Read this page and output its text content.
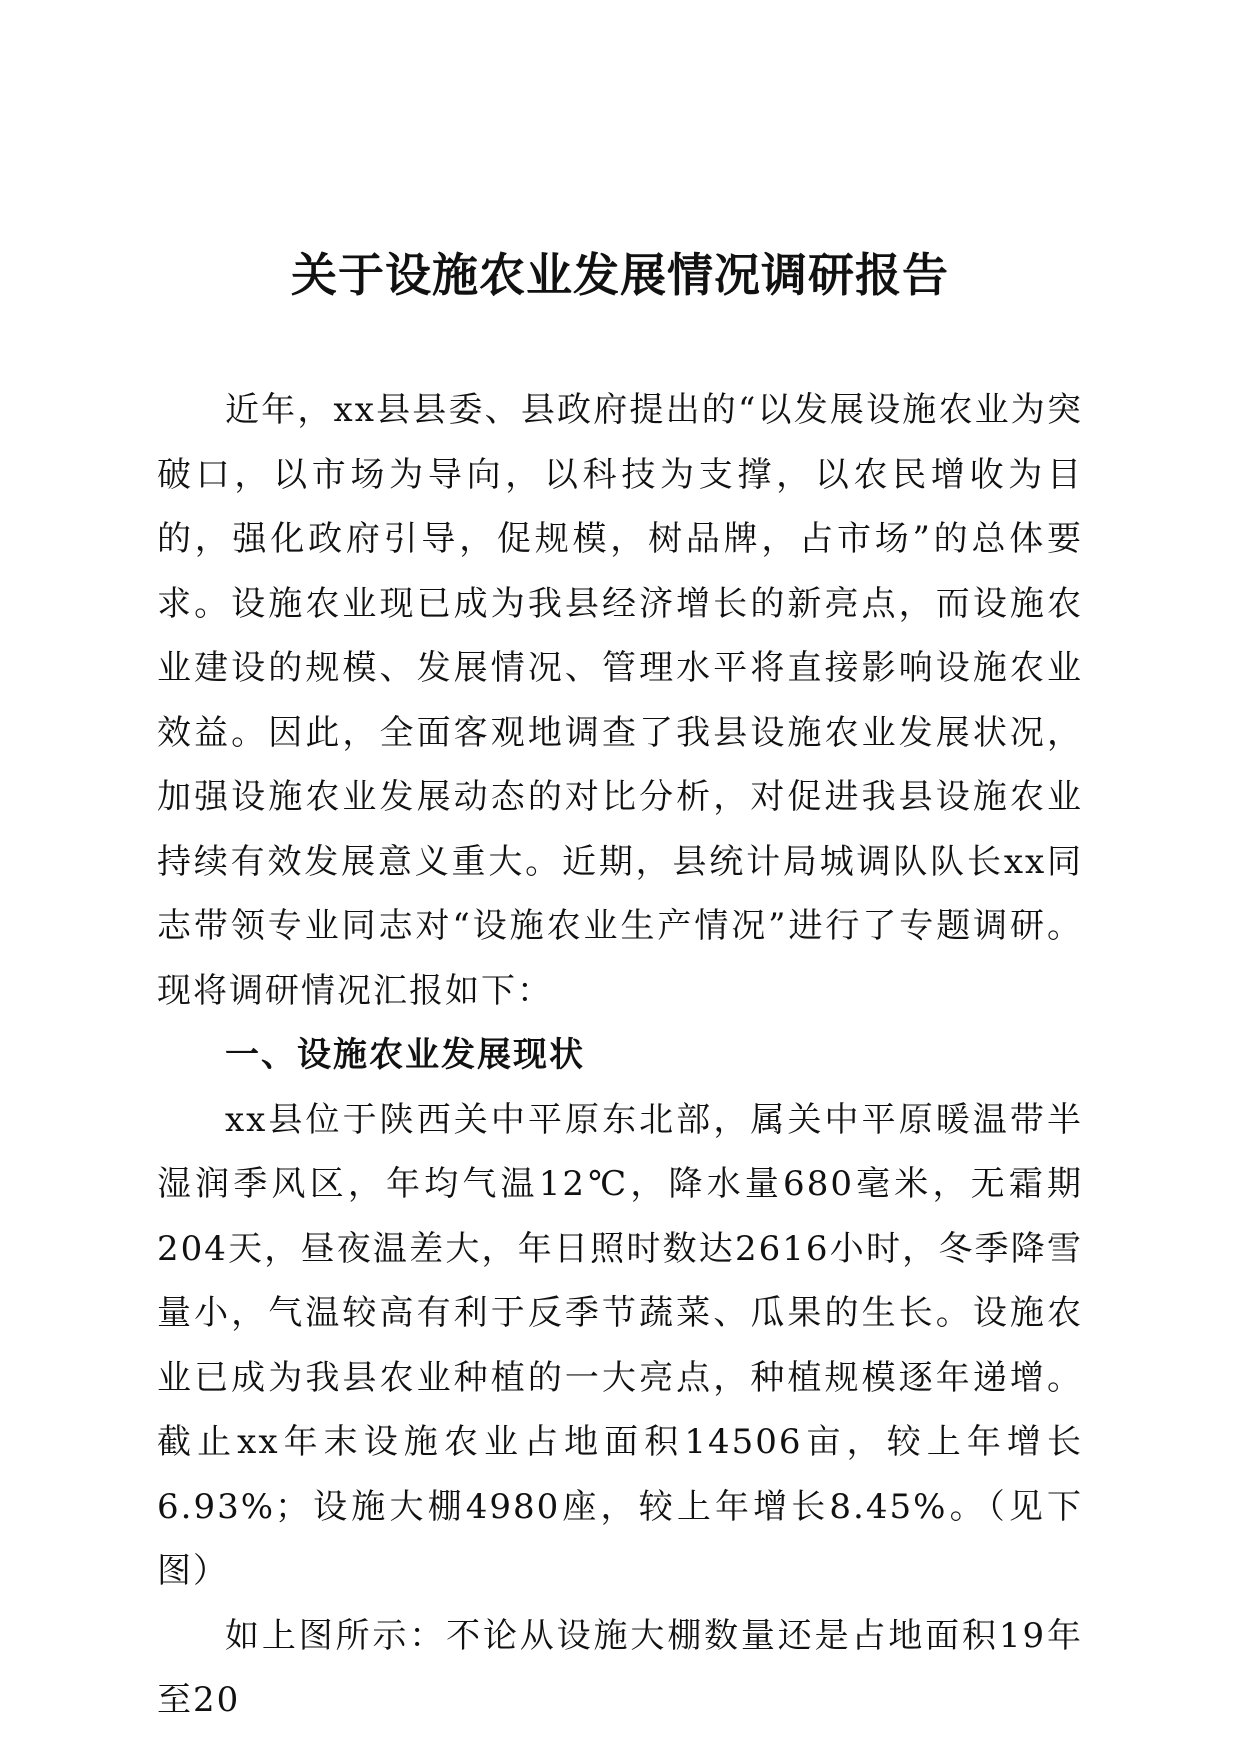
关于设施农业发展情况调研报告

近年，xx县县委、县政府提出的“以发展设施农业为突破口，以市场为导向，以科技为支撑，以农民增收为目的，强化政府引导，促规模，树品牌，占市场”的总体要求。设施农业现已成为我县经济增长的新亮点，而设施农业建设的规模、发展情况、管理水平将直接影响设施农业效益。因此，全面客观地调查了我县设施农业发展状况，加强设施农业发展动态的对比分析，对促进我县设施农业持续有效发展意义重大。近期，县统计局城调队队长xx同志带领专业同志对“设施农业生产情况”进行了专题调研。现将调研情况汇报如下：

一、设施农业发展现状

xx县位于陕西关中平原东北部，属关中平原暖温带半湿润季风区，年均气温12℃，降水量680毫米，无霜期204天，昼夜温差大，年日照时数达2616小时，冬季降雪量小，气温较高有利于反季节蔬菜、瓜果的生长。设施农业已成为我县农业种植的一大亮点，种植规模逐年递增。截止xx年末设施农业占地面积14506亩，较上年增长6.93%；设施大棚4980座，较上年增长8.45%。（见下图）

如上图所示：不论从设施大棚数量还是占地面积19年至20
